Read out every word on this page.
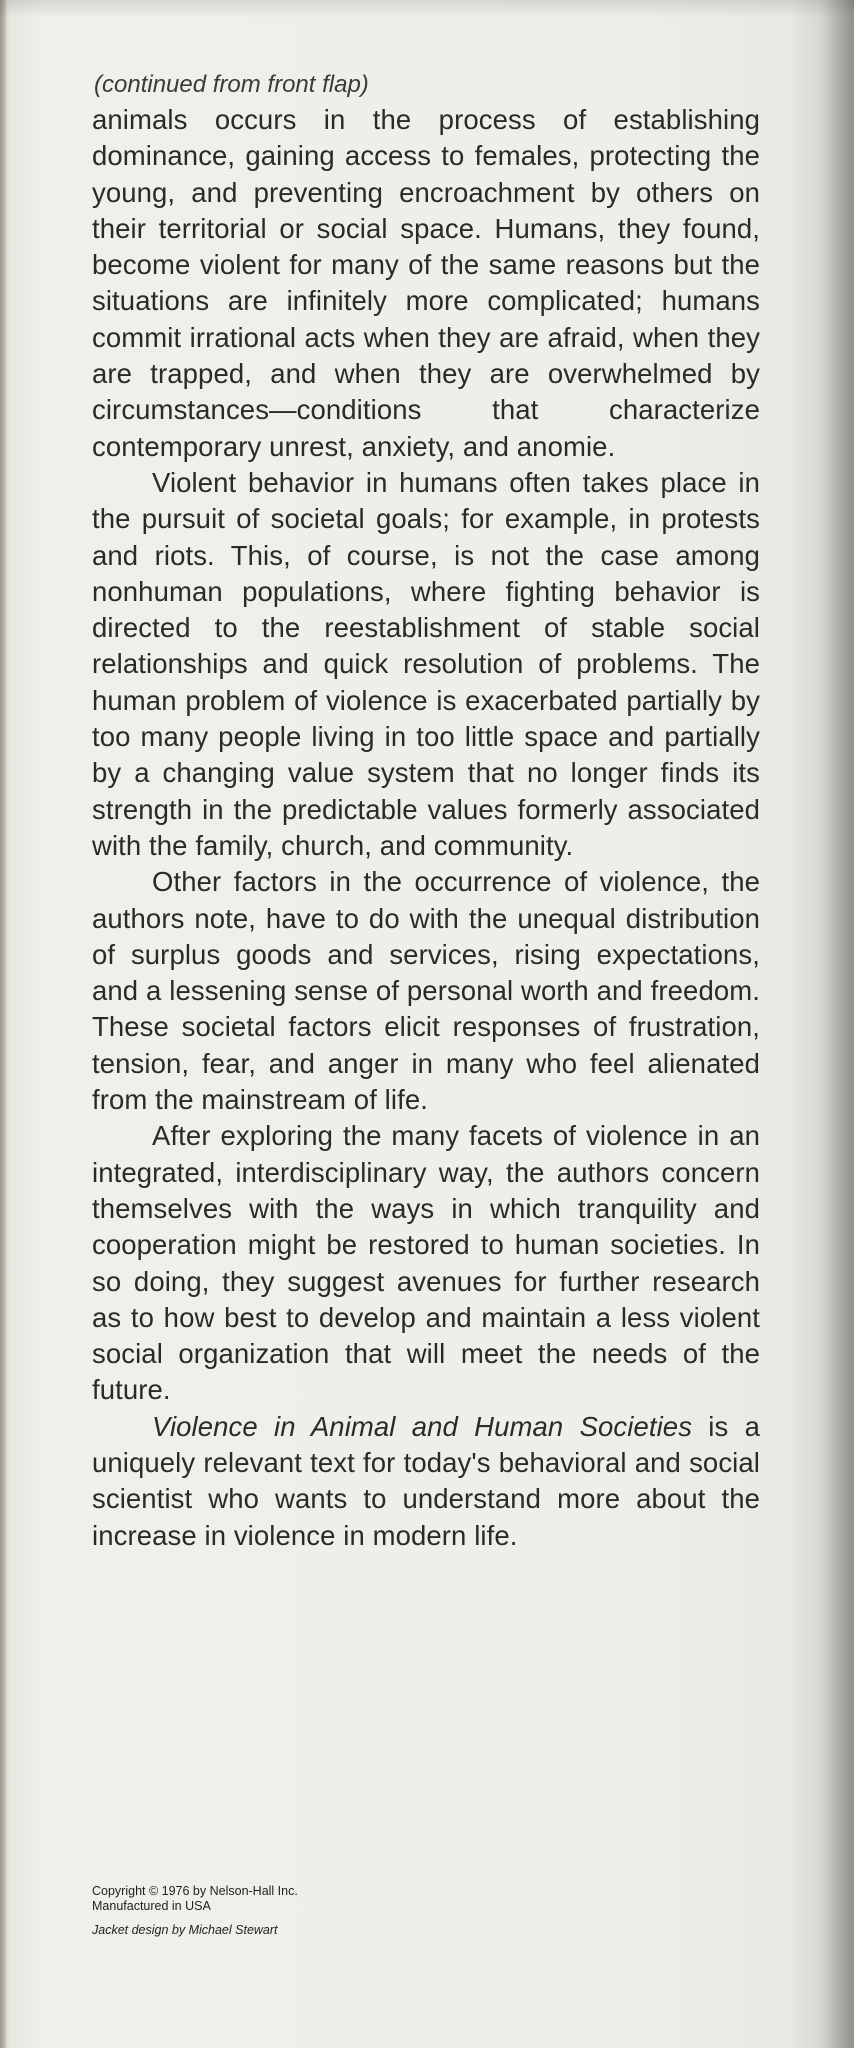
(continued from front flap)

animals occurs in the process of establishing dominance, gaining access to females, protecting the young, and preventing encroachment by others on their territorial or social space. Humans, they found, become violent for many of the same reasons but the situations are infinitely more complicated; humans commit irrational acts when they are afraid, when they are trapped, and when they are overwhelmed by circumstances—conditions that characterize contemporary unrest, anxiety, and anomie.

Violent behavior in humans often takes place in the pursuit of societal goals; for example, in protests and riots. This, of course, is not the case among nonhuman populations, where fighting behavior is directed to the reestablishment of stable social relationships and quick resolution of problems. The human problem of violence is exacerbated partially by too many people living in too little space and partially by a changing value system that no longer finds its strength in the predictable values formerly associated with the family, church, and community.

Other factors in the occurrence of violence, the authors note, have to do with the unequal distribution of surplus goods and services, rising expectations, and a lessening sense of personal worth and freedom. These societal factors elicit responses of frustration, tension, fear, and anger in many who feel alienated from the mainstream of life.

After exploring the many facets of violence in an integrated, interdisciplinary way, the authors concern themselves with the ways in which tranquility and cooperation might be restored to human societies. In so doing, they suggest avenues for further research as to how best to develop and maintain a less violent social organization that will meet the needs of the future.

Violence in Animal and Human Societies is a uniquely relevant text for today's behavioral and social scientist who wants to understand more about the increase in violence in modern life.

Copyright © 1976 by Nelson-Hall Inc.
Manufactured in USA
Jacket design by Michael Stewart
